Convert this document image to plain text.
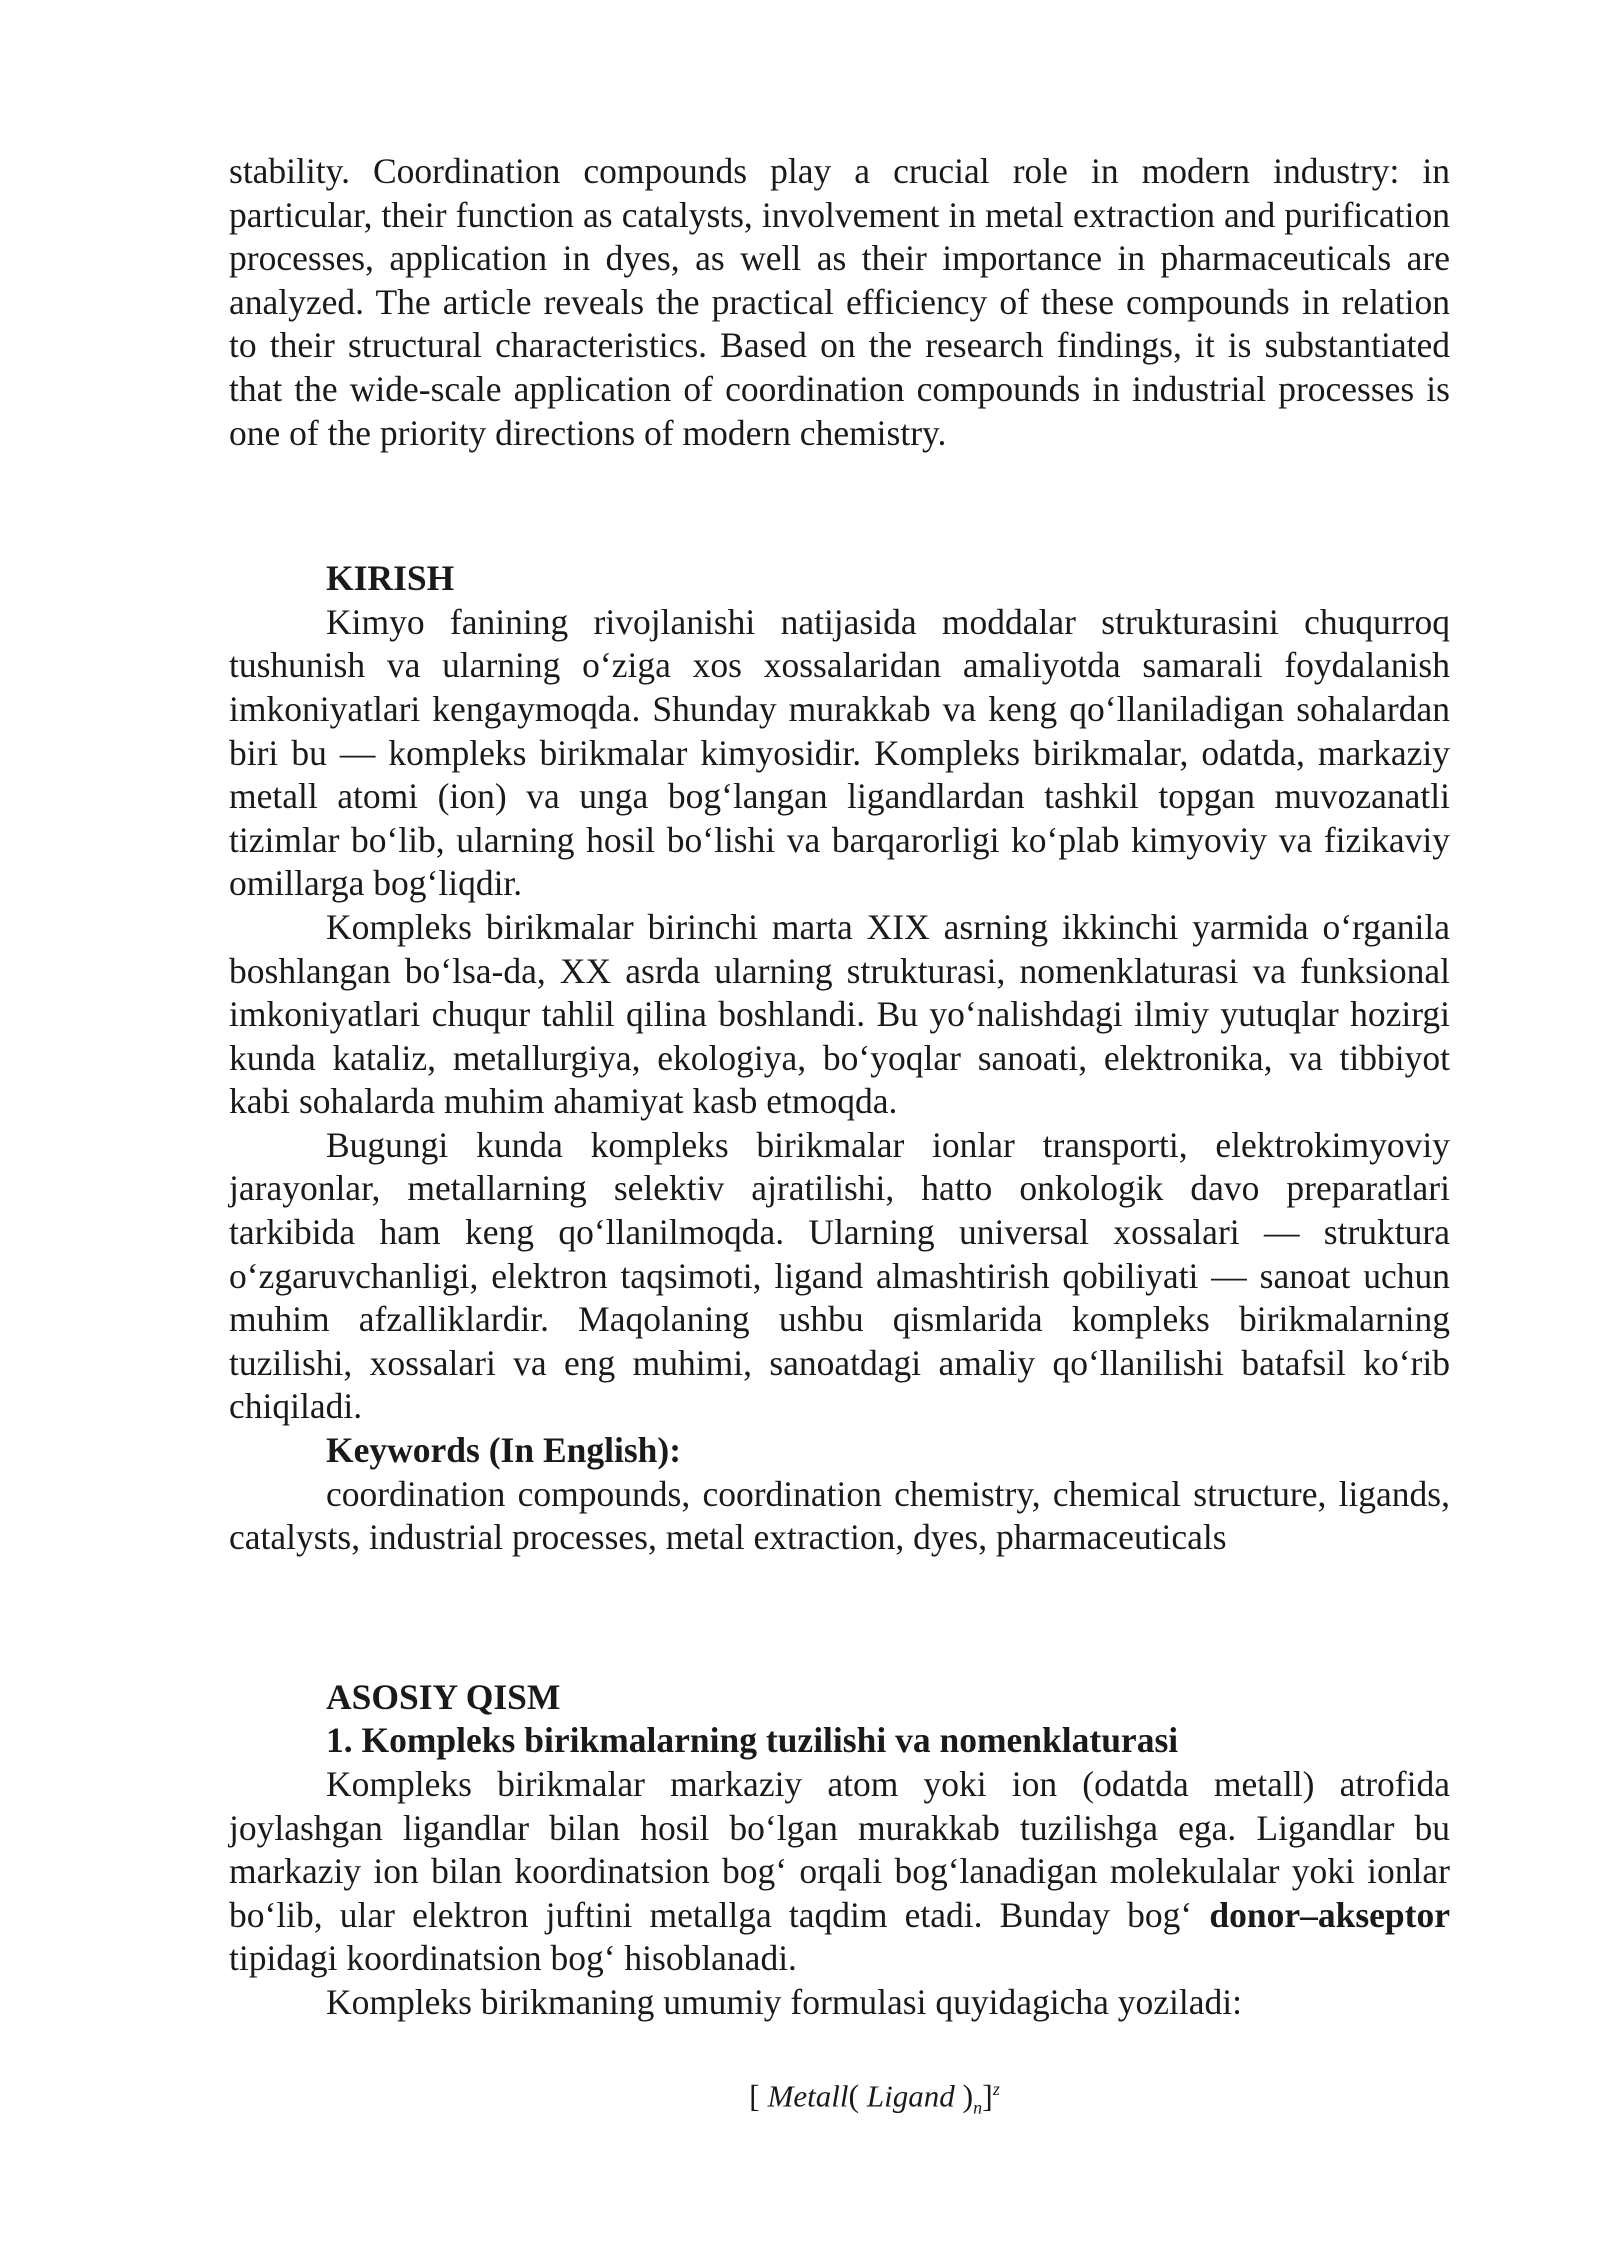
stability. Coordination compounds play a crucial role in modern industry: in particular, their function as catalysts, involvement in metal extraction and purification processes, application in dyes, as well as their importance in pharmaceuticals are analyzed. The article reveals the practical efficiency of these compounds in relation to their structural characteristics. Based on the research findings, it is substantiated that the wide-scale application of coordination compounds in industrial processes is one of the priority directions of modern chemistry.

KIRISH

Kimyo fanining rivojlanishi natijasida moddalar strukturasini chuqurroq tushunish va ularning o‘ziga xos xossalaridan amaliyotda samarali foydalanish imkoniyatlari kengaymoqda. Shunday murakkab va keng qo‘llaniladigan sohalardan biri bu — kompleks birikmalar kimyosidir. Kompleks birikmalar, odatda, markaziy metall atomi (ion) va unga bog‘langan ligandlardan tashkil topgan muvozanatli tizimlar bo‘lib, ularning hosil bo‘lishi va barqarorligi ko‘plab kimyoviy va fizikaviy omillarga bog‘liqdir.

Kompleks birikmalar birinchi marta XIX asrning ikkinchi yarmida o‘rganila boshlangan bo‘lsa-da, XX asrda ularning strukturasi, nomenklaturasi va funksional imkoniyatlari chuqur tahlil qilina boshlandi. Bu yo‘nalishdagi ilmiy yutuqlar hozirgi kunda kataliz, metallurgiya, ekologiya, bo‘yoqlar sanoati, elektronika, va tibbiyot kabi sohalarda muhim ahamiyat kasb etmoqda.

Bugungi kunda kompleks birikmalar ionlar transporti, elektrokimyoviy jarayonlar, metallarning selektiv ajratilishi, hatto onkologik davo preparatlari tarkibida ham keng qo‘llanilmoqda. Ularning universal xossalari — struktura o‘zgaruvchanligi, elektron taqsimoti, ligand almashtirish qobiliyati — sanoat uchun muhim afzalliklardir. Maqolaning ushbu qismlarida kompleks birikmalarning tuzilishi, xossalari va eng muhimi, sanoatdagi amaliy qo‘llanilishi batafsil ko‘rib chiqiladi.

Keywords (In English):

coordination compounds, coordination chemistry, chemical structure, ligands, catalysts, industrial processes, metal extraction, dyes, pharmaceuticals

ASOSIY QISM
1. Kompleks birikmalarning tuzilishi va nomenklaturasi

Kompleks birikmalar markaziy atom yoki ion (odatda metall) atrofida joylashgan ligandlar bilan hosil bo‘lgan murakkab tuzilishga ega. Ligandlar bu markaziy ion bilan koordinatsion bog‘ orqali bog‘lanadigan molekulalar yoki ionlar bo‘lib, ular elektron juftini metallga taqdim etadi. Bunday bog‘ donor–akseptor tipidagi koordinatsion bog‘ hisoblanadi.

Kompleks birikmaning umumiy formulasi quyidagicha yoziladi:

[ Metall( Ligand )$_n]^z$
